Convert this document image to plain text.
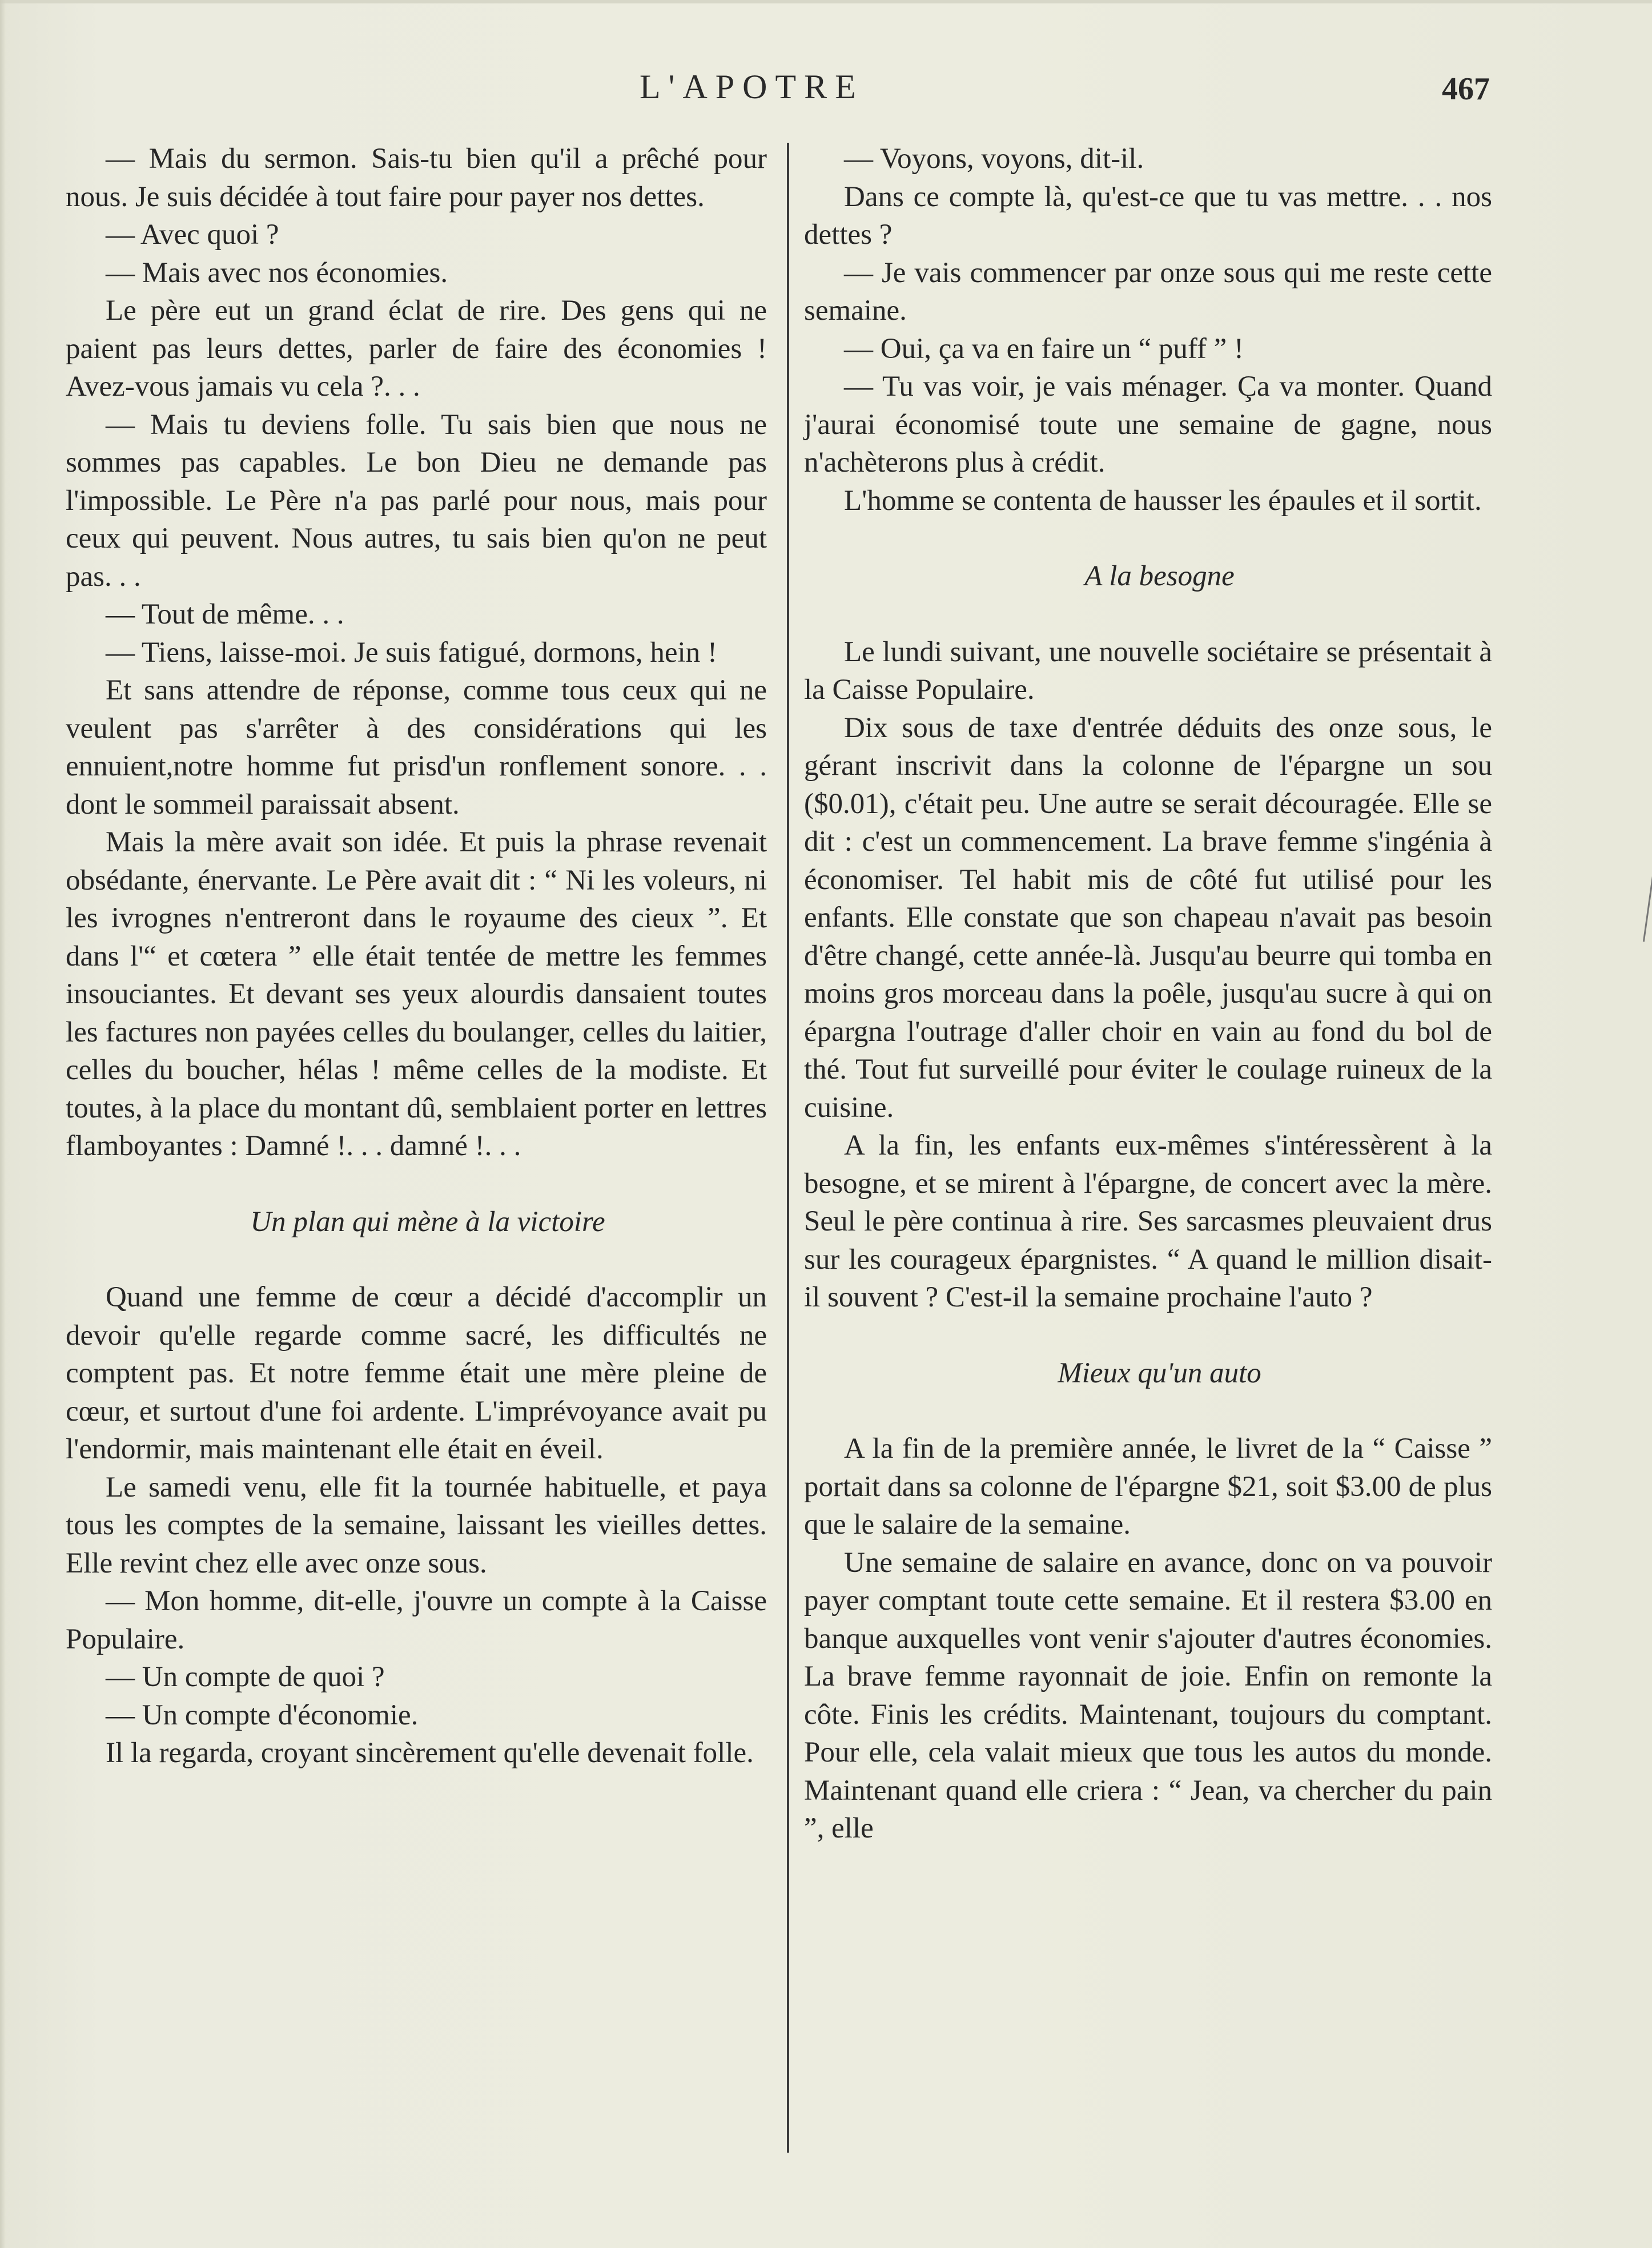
L'APOTRE	467

— Mais du sermon. Sais-tu bien qu'il a prêché pour nous. Je suis décidée à tout faire pour payer nos dettes.

— Avec quoi ?

— Mais avec nos économies.

Le père eut un grand éclat de rire. Des gens qui ne paient pas leurs dettes, parler de faire des économies ! Avez-vous jamais vu cela ?. . .

— Mais tu deviens folle. Tu sais bien que nous ne sommes pas capables. Le bon Dieu ne demande pas l'impossible. Le Père n'a pas parlé pour nous, mais pour ceux qui peuvent. Nous autres, tu sais bien qu'on ne peut pas. . .

— Tout de même. . .

— Tiens, laisse-moi. Je suis fatigué, dormons, hein !

Et sans attendre de réponse, comme tous ceux qui ne veulent pas s'arrêter à des considérations qui les ennuient,notre homme fut prisd'un ronflement sonore. . . dont le sommeil paraissait absent.

Mais la mère avait son idée. Et puis la phrase revenait obsédante, énervante. Le Père avait dit : “ Ni les voleurs, ni les ivrognes n'entreront dans le royaume des cieux ”. Et dans l'“ et cœtera ” elle était tentée de mettre les femmes insouciantes. Et devant ses yeux alourdis dansaient toutes les factures non payées celles du boulanger, celles du laitier, celles du boucher, hélas ! même celles de la modiste. Et toutes, à la place du montant dû, semblaient porter en lettres flamboyantes : Damné !. . . damné !. . .

Un plan qui mène à la victoire

Quand une femme de cœur a décidé d'accomplir un devoir qu'elle regarde comme sacré, les difficultés ne comptent pas. Et notre femme était une mère pleine de cœur, et surtout d'une foi ardente. L'imprévoyance avait pu l'endormir, mais maintenant elle était en éveil.

Le samedi venu, elle fit la tournée habituelle, et paya tous les comptes de la semaine, laissant les vieilles dettes. Elle revint chez elle avec onze sous.

— Mon homme, dit-elle, j'ouvre un compte à la Caisse Populaire.

— Un compte de quoi ?

— Un compte d'économie.

Il la regarda, croyant sincèrement qu'elle devenait folle.

— Voyons, voyons, dit-il.

Dans ce compte là, qu'est-ce que tu vas mettre. . . nos dettes ?

— Je vais commencer par onze sous qui me reste cette semaine.

— Oui, ça va en faire un “ puff ” !

— Tu vas voir, je vais ménager. Ça va monter. Quand j'aurai économisé toute une semaine de gagne, nous n'achèterons plus à crédit.

L'homme se contenta de hausser les épaules et il sortit.

A la besogne

Le lundi suivant, une nouvelle sociétaire se présentait à la Caisse Populaire.

Dix sous de taxe d'entrée déduits des onze sous, le gérant inscrivit dans la colonne de l'épargne un sou ($0.01), c'était peu. Une autre se serait découragée. Elle se dit : c'est un commencement. La brave femme s'ingénia à économiser. Tel habit mis de côté fut utilisé pour les enfants. Elle constate que son chapeau n'avait pas besoin d'être changé, cette année-là. Jusqu'au beurre qui tomba en moins gros morceau dans la poêle, jusqu'au sucre à qui on épargna l'outrage d'aller choir en vain au fond du bol de thé. Tout fut surveillé pour éviter le coulage ruineux de la cuisine.

A la fin, les enfants eux-mêmes s'intéressèrent à la besogne, et se mirent à l'épargne, de concert avec la mère. Seul le père continua à rire. Ses sarcasmes pleuvaient drus sur les courageux épargnistes. “ A quand le million disait-il souvent ? C'est-il la semaine prochaine l'auto ?

Mieux qu'un auto

A la fin de la première année, le livret de la “ Caisse ” portait dans sa colonne de l'épargne $21, soit $3.00 de plus que le salaire de la semaine.

Une semaine de salaire en avance, donc on va pouvoir payer comptant toute cette semaine. Et il restera $3.00 en banque auxquelles vont venir s'ajouter d'autres économies. La brave femme rayonnait de joie. Enfin on remonte la côte. Finis les crédits. Maintenant, toujours du comptant. Pour elle, cela valait mieux que tous les autos du monde. Maintenant quand elle criera : “ Jean, va chercher du pain ”, elle
